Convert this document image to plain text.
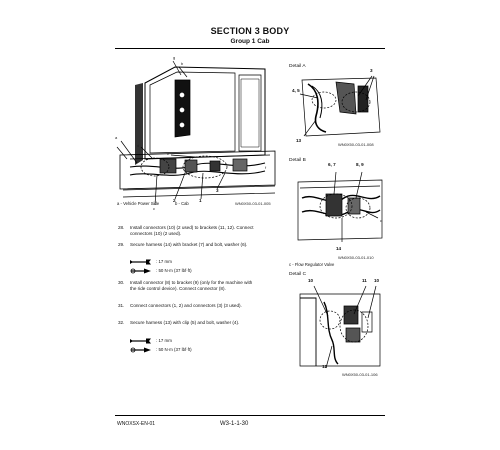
SECTION 3 BODY
Group 1 Cab
g
b
a
d
e
f
c
2	1
3
a - Vehicle Power Side	b - Cab	WN0X50-03-01-005
28. Install connectors (10) (2 used) to brackets (11, 12). Connect connectors (10) (2 used).
29. Secure harness (14) with bracket (7) and bolt, washer (6).
: 17 mm
: 50 N·m (37 lbf·ft)
30. Install connector (8) to bracket (9) (only for the machine with the ride control device). Connect connector (8).
31. Connect connectors (1, 2) and connectors (3) (3 used).
32. Secure harness (13) with clip (5) and bolt, washer (4).
: 17 mm
: 50 N·m (37 lbf·ft)
Detail A
4, 5
3
13
WN0X50-03-01-008
Detail B
6, 7	8, 9
14
c
c - Flow Regulator Valve
WN0X50-03-01-010
Detail C
10	11 10
12
WN0X50-03-01-106
WNOXSX-EN-01	W3-1-1-30
